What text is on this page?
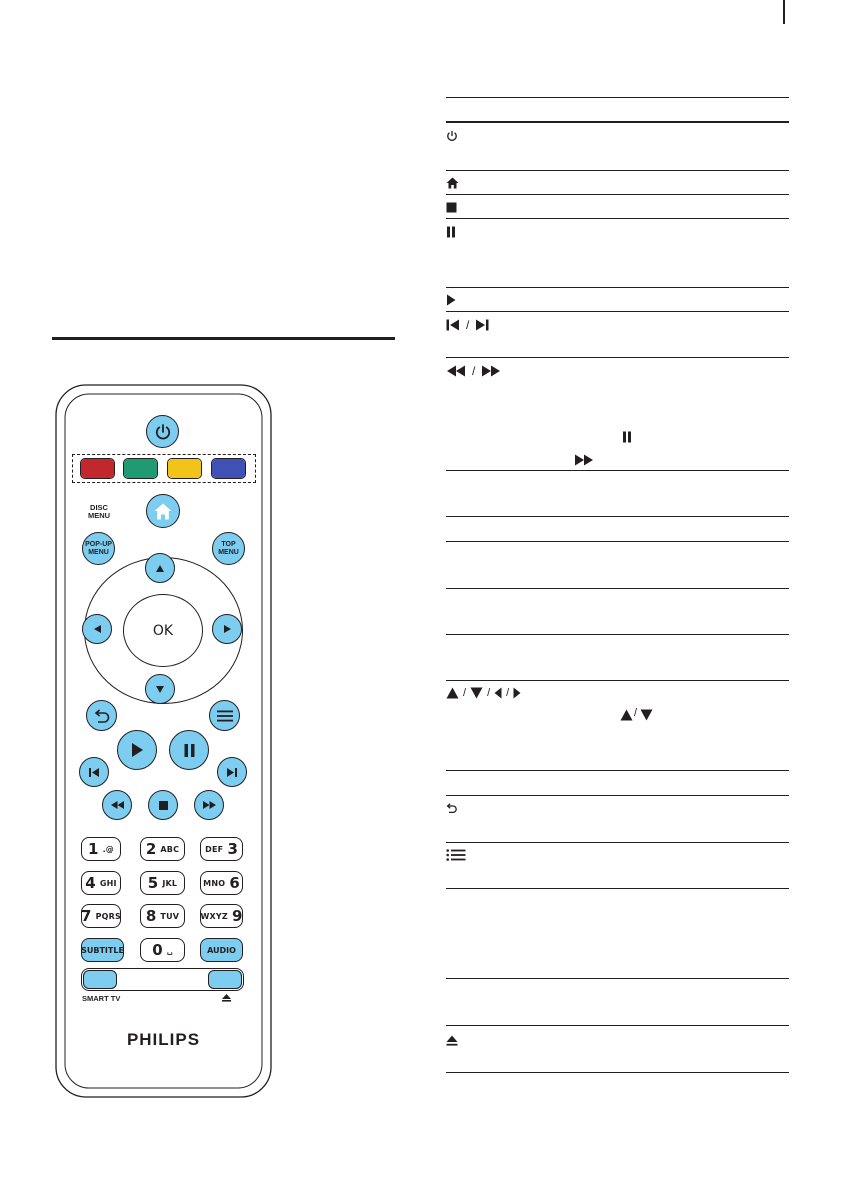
/
/
/ / /
/
DISC
MENU
POP-UP
MENU
TOP
MENU
OK
1
.@ 2
ABC	DEF
3
4
GHI 5
JKL	MNO
6
7
PQRS 8
TUV	WXYZ
9
SUBTITLE 0
␣	AUDIO
SMART TV
PHILIPS
